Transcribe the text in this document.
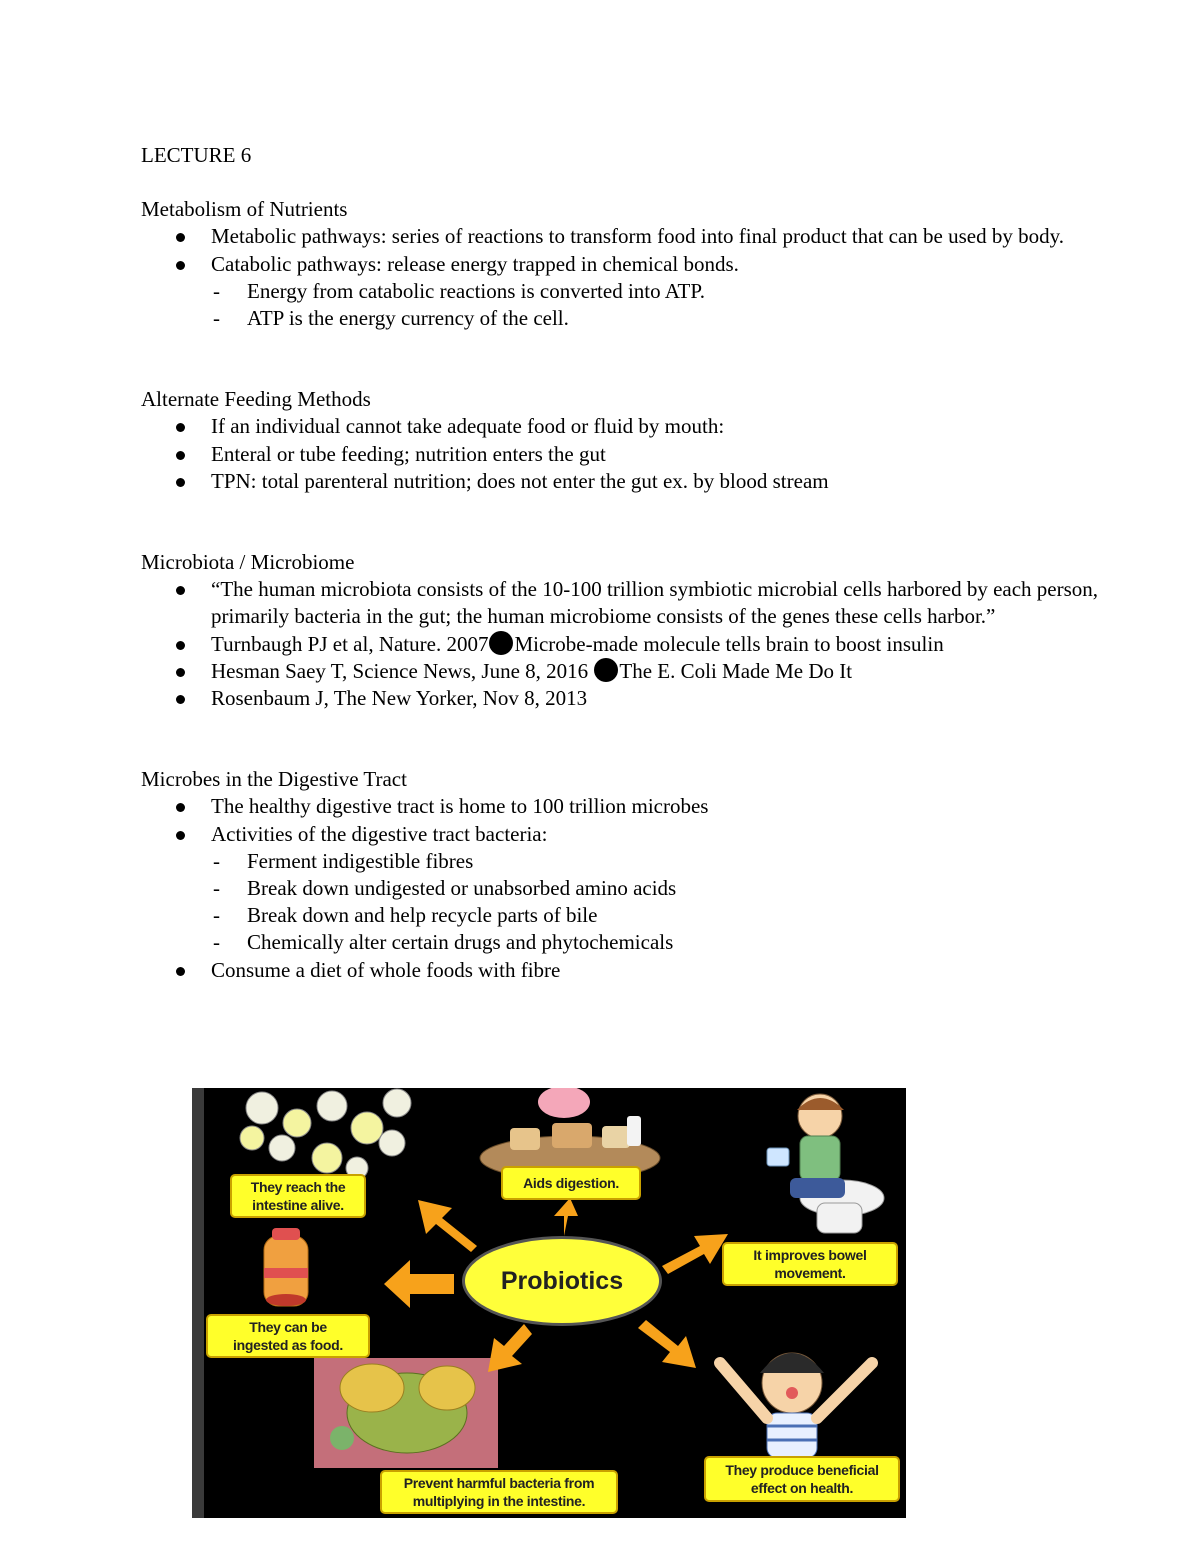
LECTURE 6

Metabolism of Nutrients

Metabolic pathways: series of reactions to transform food into final product that can be used by body.
Catabolic pathways: release energy trapped in chemical bonds.
- Energy from catabolic reactions is converted into ATP.
- ATP is the energy currency of the cell.

Alternate Feeding Methods

If an individual cannot take adequate food or fluid by mouth:
Enteral or tube feeding; nutrition enters the gut
TPN: total parenteral nutrition; does not enter the gut ex. by blood stream

Microbiota / Microbiome

“The human microbiota consists of the 10-100 trillion symbiotic microbial cells harbored by each person, primarily bacteria in the gut; the human microbiome consists of the genes these cells harbor.”
Turnbaugh PJ et al, Nature. 2007 Microbe-made molecule tells brain to boost insulin
Hesman Saey T, Science News, June 8, 2016 The E. Coli Made Me Do It
Rosenbaum J, The New Yorker, Nov 8, 2013

Microbes in the Digestive Tract

The healthy digestive tract is home to 100 trillion microbes
Activities of the digestive tract bacteria:
- Ferment indigestible fibres
- Break down undigested or unabsorbed amino acids
- Break down and help recycle parts of bile
- Chemically alter certain drugs and phytochemicals
Consume a diet of whole foods with fibre
Probiotics
They reach the
intestine alive.
Aids digestion.
It improves bowel
movement.
They can be
ingested as food.
Prevent harmful bacteria from
multiplying in the intestine.
They produce beneficial
effect on health.
